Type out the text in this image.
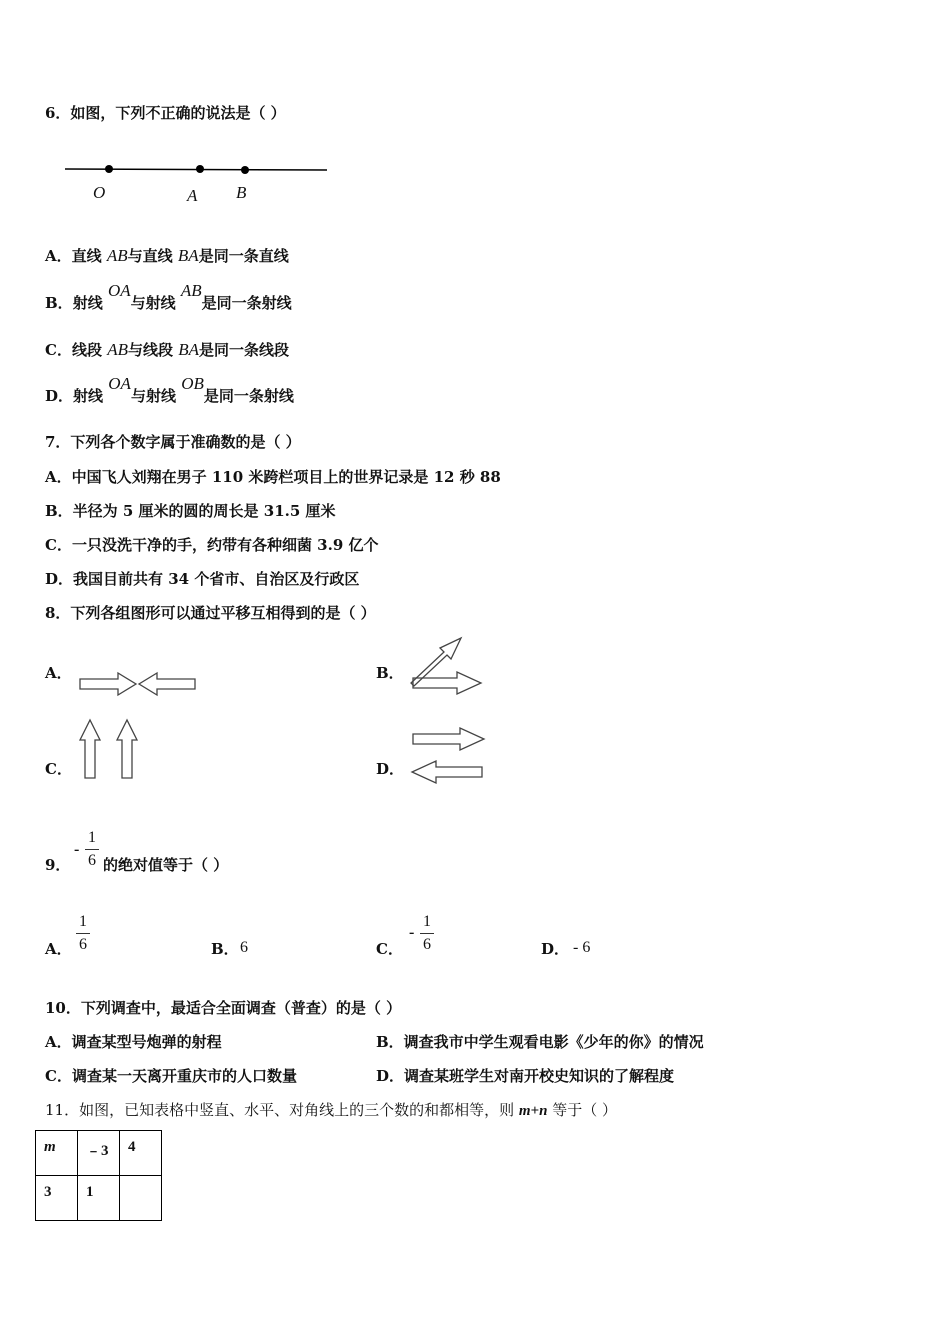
6．如图，下列不正确的说法是（ ）
O	A B
A．直线 AB与直线 BA是同一条直线
B．射线 OA与射线 AB是同一条射线
C．线段 AB与线段 BA是同一条线段
D．射线 OA与射线 OB是同一条射线
7．下列各个数字属于准确数的是（ ）
A．中国飞人刘翔在男子 110 米跨栏项目上的世界记录是 12 秒 88
B．半径为 5 厘米的圆的周长是 31.5 厘米
C．一只没洗干净的手，约带有各种细菌 3.9 亿个
D．我国目前共有 34 个省市、自治区及行政区
8．下列各组图形可以通过平移互相得到的是（ ）
A．	B．
C．	D．
9．
-
1
6 的绝对值等于（ ）
A．
1
6	B． 6	C．
-
1
6	D． - 6
10．下列调查中，最适合全面调查（普查）的是（ ）
A．调查某型号炮弹的射程	B．调查我市中学生观看电影《少年的你》的情况
C．调查某一天离开重庆市的人口数量	D．调查某班学生对南开校史知识的了解程度
11．如图，已知表格中竖直、水平、对角线上的三个数的和都相等，则 m+n 等于（ ）
m	﹣3	4
3	1	
